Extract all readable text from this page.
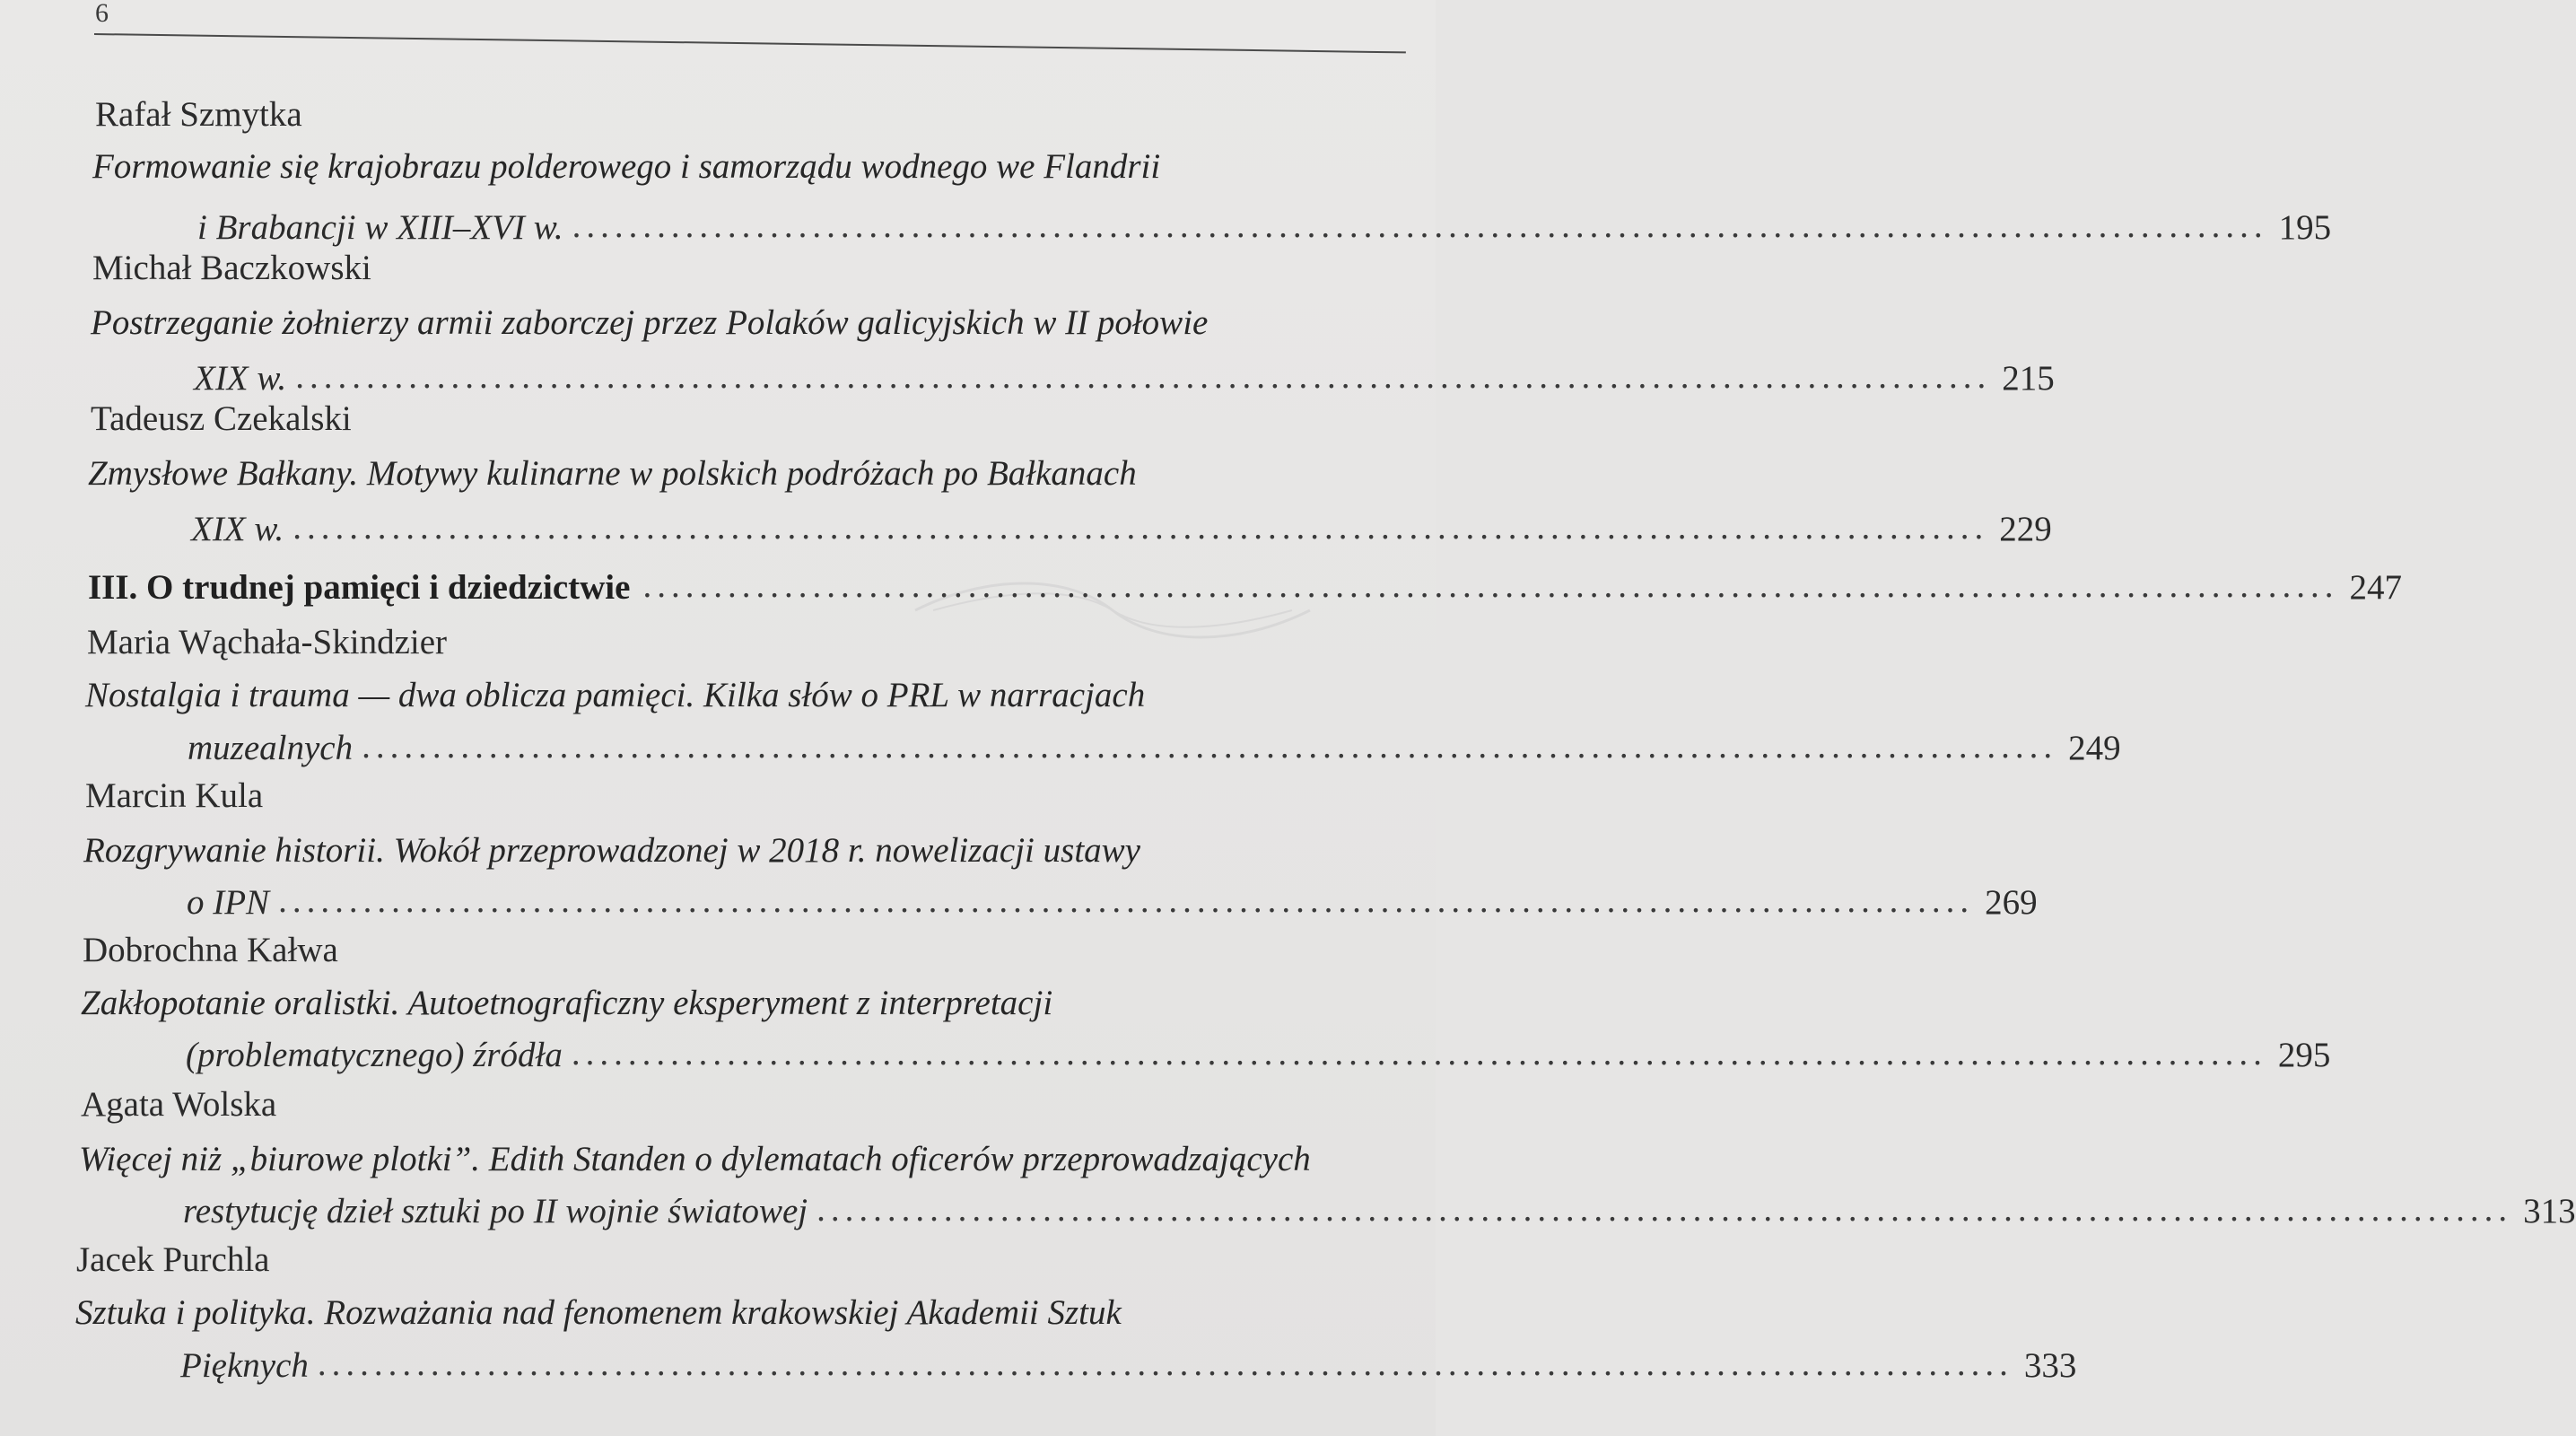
6
Rafał Szmytka
Formowanie się krajobrazu polderowego i samorządu wodnego we Flandrii
i Brabancji w XIII–XVI w. ........................................................................................................................ 195
Michał Baczkowski
Postrzeganie żołnierzy armii zaborczej przez Polaków galicyjskich w II połowie
XIX w. ........................................................................................................................ 215
Tadeusz Czekalski
Zmysłowe Bałkany. Motywy kulinarne w polskich podróżach po Bałkanach
XIX w. ........................................................................................................................ 229
III. O trudnej pamięci i dziedzictwie ........................................................................................................................ 247
Maria Wąchała-Skindzier
Nostalgia i trauma — dwa oblicza pamięci. Kilka słów o PRL w narracjach
muzealnych ........................................................................................................................ 249
Marcin Kula
Rozgrywanie historii. Wokół przeprowadzonej w 2018 r. nowelizacji ustawy
o IPN ........................................................................................................................ 269
Dobrochna Kałwa
Zakłopotanie oralistki. Autoetnograficzny eksperyment z interpretacji
(problematycznego) źródła ........................................................................................................................ 295
Agata Wolska
Więcej niż „biurowe plotki”. Edith Standen o dylematach oficerów przeprowadzających
restytucję dzieł sztuki po II wojnie światowej ........................................................................................................................ 313
Jacek Purchla
Sztuka i polityka. Rozważania nad fenomenem krakowskiej Akademii Sztuk
Pięknych ........................................................................................................................ 333
